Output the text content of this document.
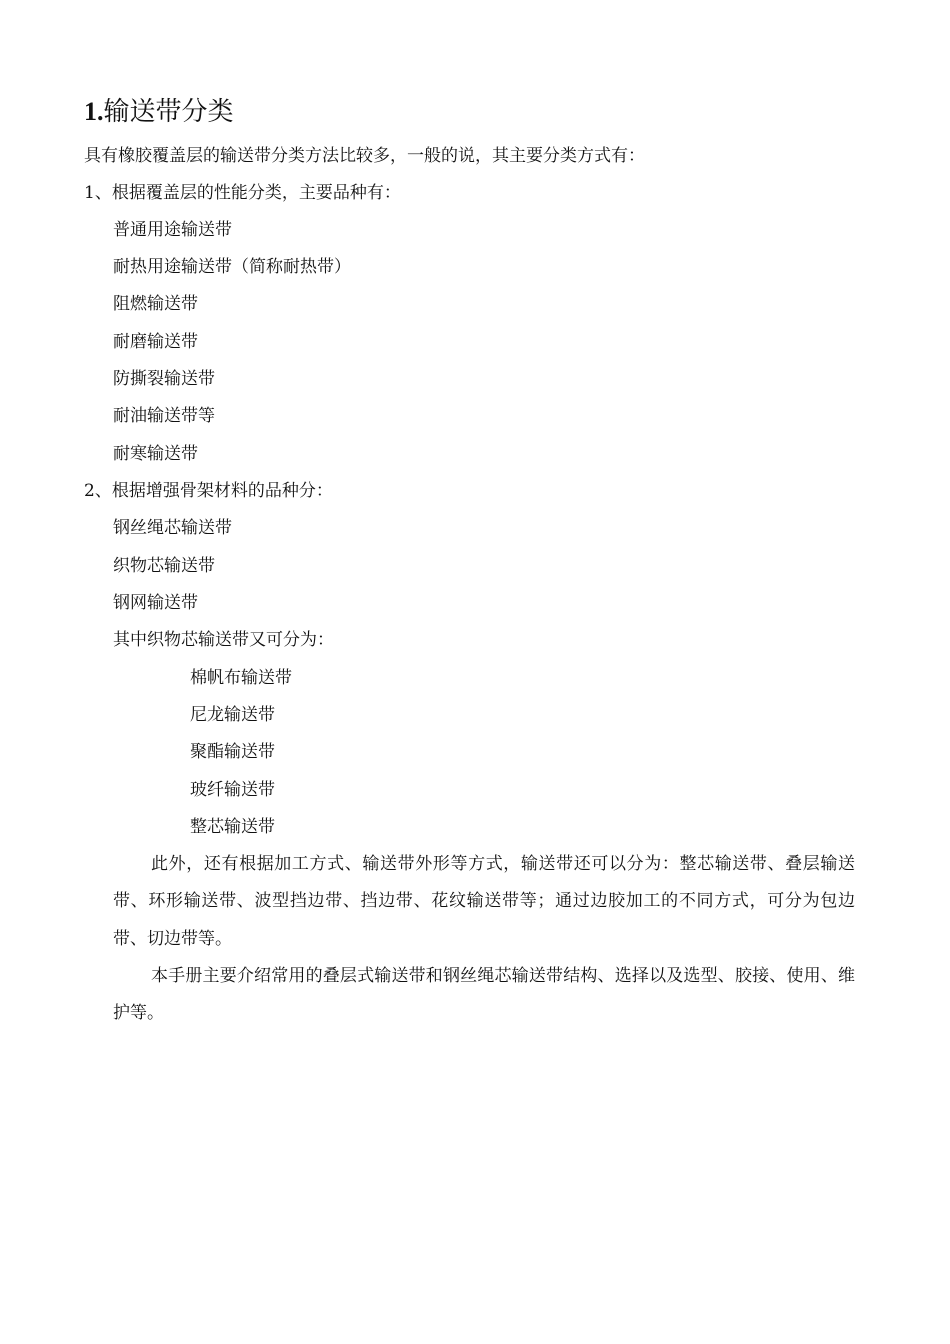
1.输送带分类
具有橡胶覆盖层的输送带分类方法比较多，一般的说，其主要分类方式有：
1、根据覆盖层的性能分类，主要品种有：
普通用途输送带
耐热用途输送带（简称耐热带）
阻燃输送带
耐磨输送带
防撕裂输送带
耐油输送带等
耐寒输送带
2、根据增强骨架材料的品种分：
钢丝绳芯输送带
织物芯输送带
钢网输送带
其中织物芯输送带又可分为：
棉帆布输送带
尼龙输送带
聚酯输送带
玻纤输送带
整芯输送带

此外，还有根据加工方式、输送带外形等方式，输送带还可以分为：整芯输送带、叠层输送带、环形输送带、波型挡边带、挡边带、花纹输送带等；通过边胶加工的不同方式，可分为包边带、切边带等。

本手册主要介绍常用的叠层式输送带和钢丝绳芯输送带结构、选择以及选型、胶接、使用、维护等。
